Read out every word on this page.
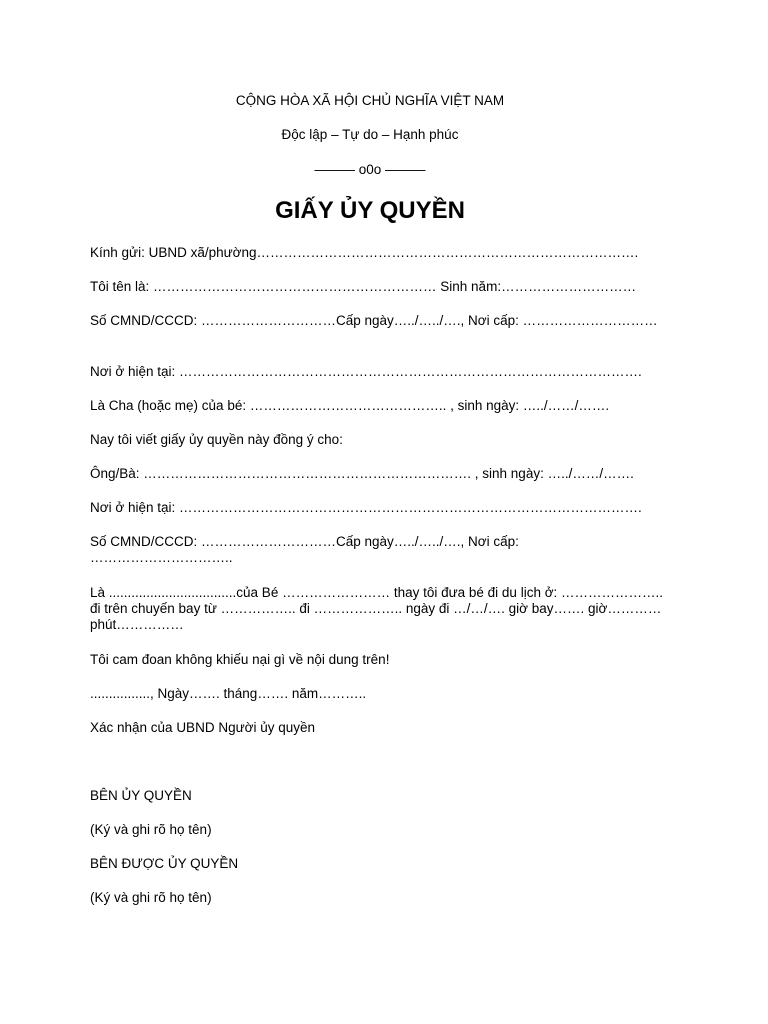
CỘNG HÒA XÃ HỘI CHỦ NGHĨA VIỆT NAM
Độc lập – Tự do – Hạnh phúc
——— o0o ———
GIẤY ỦY QUYỀN
Kính gửi: UBND xã/phường………………………………………………………………………….
Tôi tên là: ……………………………………………………… Sinh năm:…………………………
Số CMND/CCCD: …………………………Cấp ngày…../…../…., Nơi cấp: …………………………
Nơi ở hiện tại: ………………………………………………………………………………………….
Là Cha (hoặc mẹ) của bé: …………………………………….. , sinh ngày: …../……/…….
Nay tôi viết giấy ủy quyền này đồng ý cho:
Ông/Bà: ………………………………………………………………. , sinh ngày: …../……/…….
Nơi ở hiện tại: ………………………………………………………………………………………….
Số CMND/CCCD: …………………………Cấp ngày…../…../…., Nơi cấp: …………………………..
Là ..................................của Bé …………………… thay tôi đưa bé đi du lịch ở: ………………….. đi trên chuyến bay từ …………….. đi ……………….. ngày đi …/…/…. giờ bay……. giờ………… phút……………
Tôi cam đoan không khiếu nại gì về nội dung trên!
................, Ngày……. tháng……. năm………..
Xác nhận của UBND Người ủy quyền
BÊN ỦY QUYỀN
(Ký và ghi rõ họ tên)
BÊN ĐƯỢC ỦY QUYỀN
(Ký và ghi rõ họ tên)
